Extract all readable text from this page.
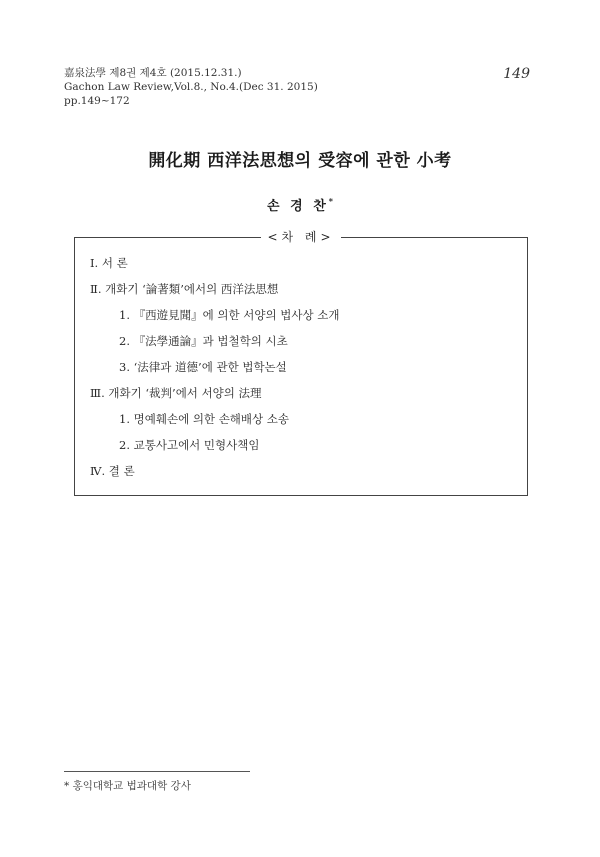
嘉泉法學 제8권 제4호 (2015.12.31.)
Gachon Law Review,Vol.8., No.4.(Dec 31. 2015)
pp.149~172
149
開化期 西洋法思想의 受容에 관한 小考
손 경 찬*
<차 례>
Ⅰ. 서 론
Ⅱ. 개화기 ‘論著類’에서의 西洋法思想
1. 『西遊見聞』에 의한 서양의 법사상 소개
2. 『法學通論』과 법철학의 시초
3. ‘法律과 道德’에 관한 법학논설
Ⅲ. 개화기 ‘裁判’에서 서양의 法理
1. 명예훼손에 의한 손해배상 소송
2. 교통사고에서 민형사책임
Ⅳ. 결 론
* 홍익대학교 법과대학 강사
